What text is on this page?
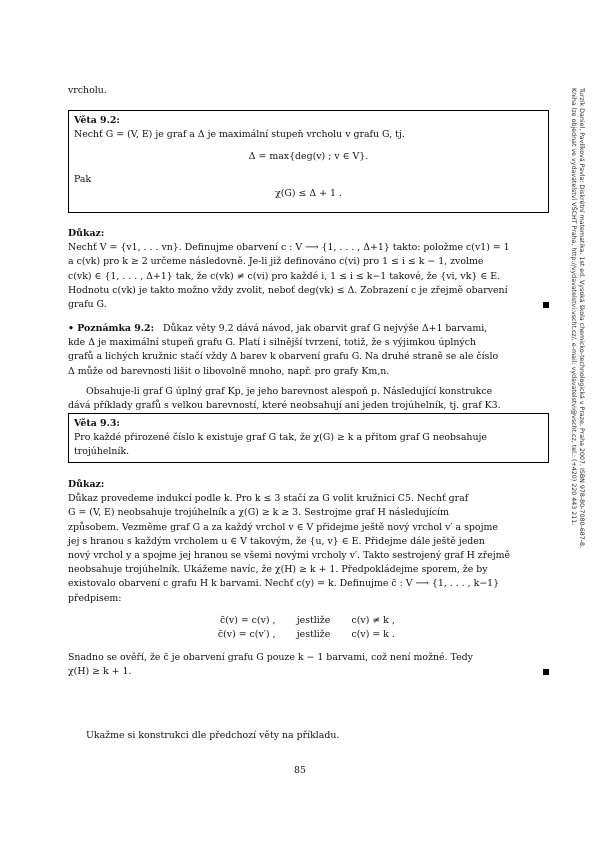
Turzík Daniel, Pavlíková Pavla: Diskrétní matematika. 1st ed. Vysoká škola chemicko-technologická v Praze, Praha 2007. ISBN 978-80-7080-687-8.
Kniha lze objednat ve vydavatelství VŠCHT Praha, http://vydavatelstvi.vscht.cz/, e-mail: vydavatelstvi@vscht.cz, tel.: (+420) 220 443 211.
vrcholu.
Věta 9.2:
Nechť G = (V, E) je graf a Δ je maximální stupeň vrcholu v grafu G, tj.
Δ = max{deg(v) ; v ∈ V}.
Pak
χ(G) ≤ Δ + 1 .
Důkaz:
Nechť V = {v1, . . . vn}. Definujme obarvení c : V ⟶ {1, . . . , Δ+1} takto: položme c(v1) = 1
a c(vk) pro k ≥ 2 určeme následovně. Je-li již definováno c(vi) pro 1 ≤ i ≤ k − 1, zvolme
c(vk) ∈ {1, . . . , Δ+1} tak, že c(vk) ≠ c(vi) pro každé i, 1 ≤ i ≤ k−1 takové, že {vi, vk} ∈ E.
Hodnotu c(vk) je takto možno vždy zvolit, neboť deg(vk) ≤ Δ. Zobrazení c je zřejmě obarvení
grafu G.
• Poznámka 9.2: Důkaz věty 9.2 dává návod, jak obarvit graf G nejvýše Δ+1 barvami,
kde Δ je maximální stupeň grafu G. Platí i silnější tvrzení, totiž, že s výjimkou úplných
grafů a lichých kružnic stačí vždy Δ barev k obarvení grafu G. Na druhé straně se ale číslo
Δ může od barevnosti lišit o libovolně mnoho, např. pro grafy Km,n.
Obsahuje-li graf G úplný graf Kp, je jeho barevnost alespoň p. Následující konstrukce
dává příklady grafů s velkou barevností, které neobsahují ani jeden trojúhelník, tj. graf K3.
Věta 9.3:
Pro každé přirozené číslo k existuje graf G tak, že χ(G) ≥ k a přitom graf G neobsahuje
trojúhelník.
Důkaz:
Důkaz provedeme indukcí podle k. Pro k ≤ 3 stačí za G volit kružnici C5. Nechť graf
G = (V, E) neobsahuje trojúhelník a χ(G) ≥ k ≥ 3. Sestrojme graf H následujícím
způsobem. Vezměme graf G a za každý vrchol v ∈ V přidejme ještě nový vrchol v′ a spojme
jej s hranou s každým vrcholem u ∈ V takovým, že {u, v} ∈ E. Přidejme dále ještě jeden
nový vrchol y a spojme jej hranou se všemi novými vrcholy v′. Takto sestrojený graf H zřejmě
neobsahuje trojúhelník. Ukážeme navíc, že χ(H) ≥ k + 1. Předpokládejme sporem, že by
existovalo obarvení c grafu H k barvami. Nechť c(y) = k. Definujme c̄ : V ⟶ {1, . . . , k−1}
předpisem:
c̄(v) = c(v) ,	jestliže	c(v) ≠ k ,
c̄(v) = c(v′) ,	jestliže	c(v) = k .
Snadno se ověří, že c̄ je obarvení grafu G pouze k − 1 barvami, což není možné. Tedy
χ(H) ≥ k + 1.
Ukažme si konstrukci dle předchozí věty na příkladu.
85
